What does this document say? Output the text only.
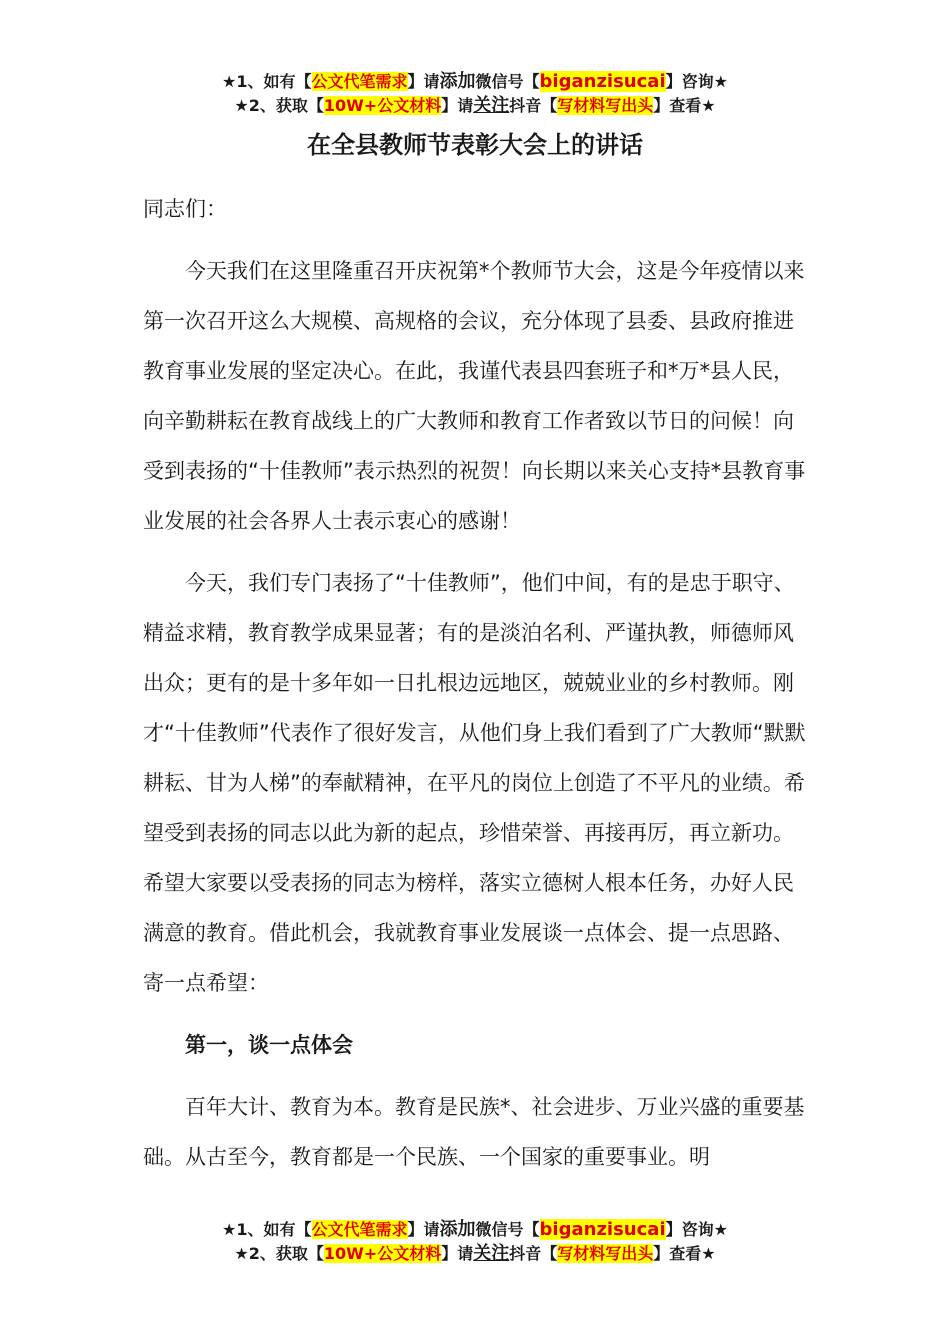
★1、如有【公文代笔需求】请添加微信号【biganzisucai】咨询★
★2、获取【10W+公文材料】请关注抖音【写材料写出头】查看★
在全县教师节表彰大会上的讲话

同志们：

今天我们在这里隆重召开庆祝第*个教师节大会，这是今年疫情以来第一次召开这么大规模、高规格的会议，充分体现了县委、县政府推进教育事业发展的坚定决心。在此，我谨代表县四套班子和*万*县人民，向辛勤耕耘在教育战线上的广大教师和教育工作者致以节日的问候！向受到表扬的“十佳教师”表示热烈的祝贺！向长期以来关心支持*县教育事业发展的社会各界人士表示衷心的感谢！

今天，我们专门表扬了“十佳教师”，他们中间，有的是忠于职守、精益求精，教育教学成果显著；有的是淡泊名利、严谨执教，师德师风出众；更有的是十多年如一日扎根边远地区，兢兢业业的乡村教师。刚才“十佳教师”代表作了很好发言，从他们身上我们看到了广大教师“默默耕耘、甘为人梯”的奉献精神，在平凡的岗位上创造了不平凡的业绩。希望受到表扬的同志以此为新的起点，珍惜荣誉、再接再厉，再立新功。希望大家要以受表扬的同志为榜样，落实立德树人根本任务，办好人民满意的教育。借此机会，我就教育事业发展谈一点体会、提一点思路、寄一点希望：

第一，谈一点体会

百年大计、教育为本。教育是民族*、社会进步、万业兴盛的重要基础。从古至今，教育都是一个民族、一个国家的重要事业。明

★1、如有【公文代笔需求】请添加微信号【biganzisucai】咨询★
★2、获取【10W+公文材料】请关注抖音【写材料写出头】查看★
